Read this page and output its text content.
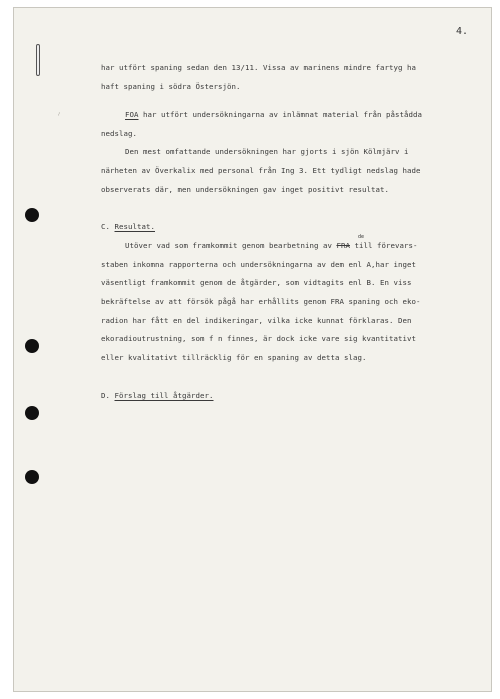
~
4.
har utfört spaning sedan den 13/11. Vissa av marinens mindre fartyg ha
haft spaning i södra Östersjön.
FOA har utfört undersökningarna av inlämnat material från påstådda
nedslag.
Den mest omfattande undersökningen har gjorts i sjön Kölmjärv i
närheten av Överkalix med personal från Ing 3. Ett tydligt nedslag hade
observerats där, men undersökningen gav inget positivt resultat.
C. Resultat.
Utöver vad som framkommit genom bearbetning av FRA till förevars-
de
staben inkomna rapporterna och undersökningarna av dem enl A,har inget
väsentligt framkommit genom de åtgärder, som vidtagits enl B. En viss
bekräftelse av att försök pågå har erhållits genom FRA spaning och eko-
radion har fått en del indikeringar, vilka icke kunnat förklaras. Den
ekoradioutrustning, som f n finnes, är dock icke vare sig kvantitativt
eller kvalitativt tillräcklig för en spaning av detta slag.
D. Förslag till åtgärder.
